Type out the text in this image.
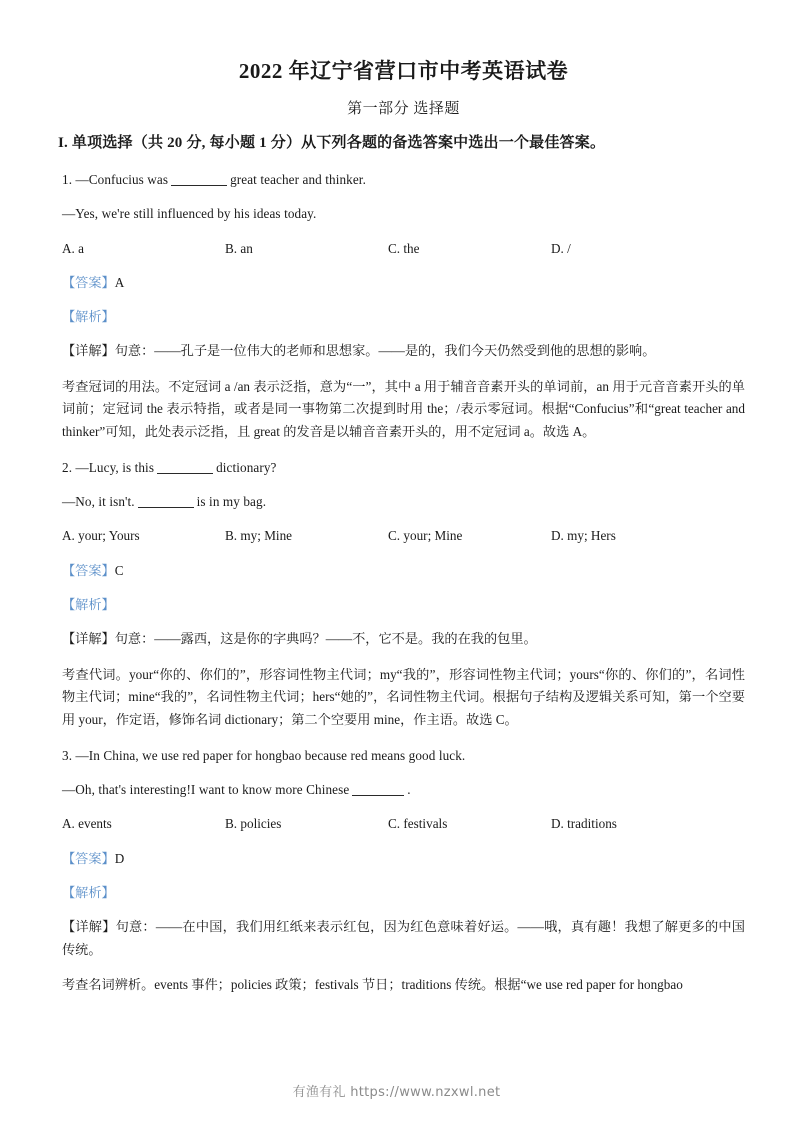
2022 年辽宁省营口市中考英语试卷
第一部分 选择题
I. 单项选择（共 20 分, 每小题 1 分）从下列各题的备选答案中选出一个最佳答案。
1. —Confucius was	great teacher and thinker.
—Yes, we're still influenced by his ideas today.
A. a	B. an	C. the	D. /
【答案】A
【解析】
【详解】句意：——孔子是一位伟大的老师和思想家。——是的，我们今天仍然受到他的思想的影响。
考查冠词的用法。不定冠词 a /an 表示泛指，意为“一”，其中 a 用于辅音音素开头的单词前，an 用于元音音素开头的单词前；定冠词 the 表示特指，或者是同一事物第二次提到时用 the；/表示零冠词。根据“Confucius”和“great teacher and thinker”可知，此处表示泛指，且 great 的发音是以辅音音素开头的，用不定冠词 a。故选 A。
2. —Lucy, is this	dictionary?
—No, it isn't.	is in my bag.
A. your; Yours	B. my; Mine	C. your; Mine	D. my; Hers
【答案】C
【解析】
【详解】句意：——露西，这是你的字典吗？——不，它不是。我的在我的包里。
考查代词。your“你的、你们的”，形容词性物主代词；my“我的”，形容词性物主代词；yours“你的、你们的”，名词性物主代词；mine“我的”，名词性物主代词；hers“她的”，名词性物主代词。根据句子结构及逻辑关系可知，第一个空要用 your，作定语，修饰名词 dictionary；第二个空要用 mine，作主语。故选 C。
3. —In China, we use red paper for hongbao because red means good luck.
—Oh, that's interesting!I want to know more Chinese	.
A. events	B. policies	C. festivals	D. traditions
【答案】D
【解析】
【详解】句意：——在中国，我们用红纸来表示红包，因为红色意味着好运。——哦，真有趣！我想了解更多的中国传统。
考查名词辨析。events 事件；policies 政策；festivals 节日；traditions 传统。根据“we use red paper for hongbao
有渔有礼 https://www.nzxwl.net
